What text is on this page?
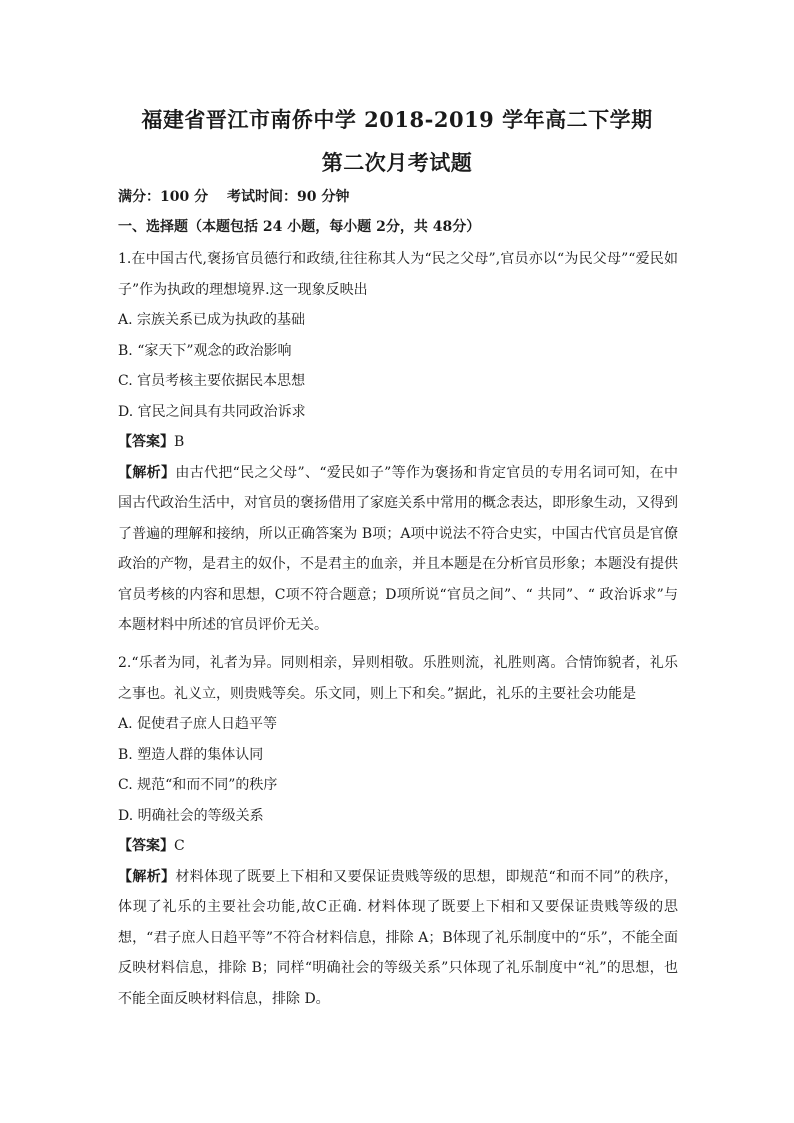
福建省晋江市南侨中学 2018-2019 学年高二下学期
第二次月考试题
满分：100 分 考试时间：90 分钟
一、选择题（本题包括 24 小题，每小题 2分，共 48分）

1.在中国古代,褒扬官员德行和政绩,往往称其人为“民之父母”,官员亦以“为民父母”“爱民如子”作为执政的理想境界.这一现象反映出

A. 宗族关系已成为执政的基础

B. “家天下”观念的政治影响

C. 官员考核主要依据民本思想

D. 官民之间具有共同政治诉求

【答案】B

【解析】由古代把“民之父母”、“爱民如子”等作为褒扬和肯定官员的专用名词可知，在中国古代政治生活中，对官员的褒扬借用了家庭关系中常用的概念表达，即形象生动，又得到了普遍的理解和接纳，所以正确答案为 B项；A项中说法不符合史实，中国古代官员是官僚政治的产物，是君主的奴仆，不是君主的血亲，并且本题是在分析官员形象；本题没有提供官员考核的内容和思想，C项不符合题意；D项所说“官员之间”、“ 共同”、“ 政治诉求”与本题材料中所述的官员评价无关。

2.“乐者为同，礼者为异。同则相亲，异则相敬。乐胜则流，礼胜则离。合情饰貌者，礼乐之事也。礼义立，则贵贱等矣。乐文同，则上下和矣。”据此，礼乐的主要社会功能是

A. 促使君子庶人日趋平等

B. 塑造人群的集体认同

C. 规范“和而不同”的秩序

D. 明确社会的等级关系

【答案】C

【解析】材料体现了既要上下相和又要保证贵贱等级的思想，即规范“和而不同”的秩序，体现了礼乐的主要社会功能,故C正确. 材料体现了既要上下相和又要保证贵贱等级的思想，“君子庶人日趋平等”不符合材料信息，排除 A；B体现了礼乐制度中的“乐”，不能全面反映材料信息，排除 B；同样“明确社会的等级关系”只体现了礼乐制度中“礼”的思想，也不能全面反映材料信息，排除 D。
